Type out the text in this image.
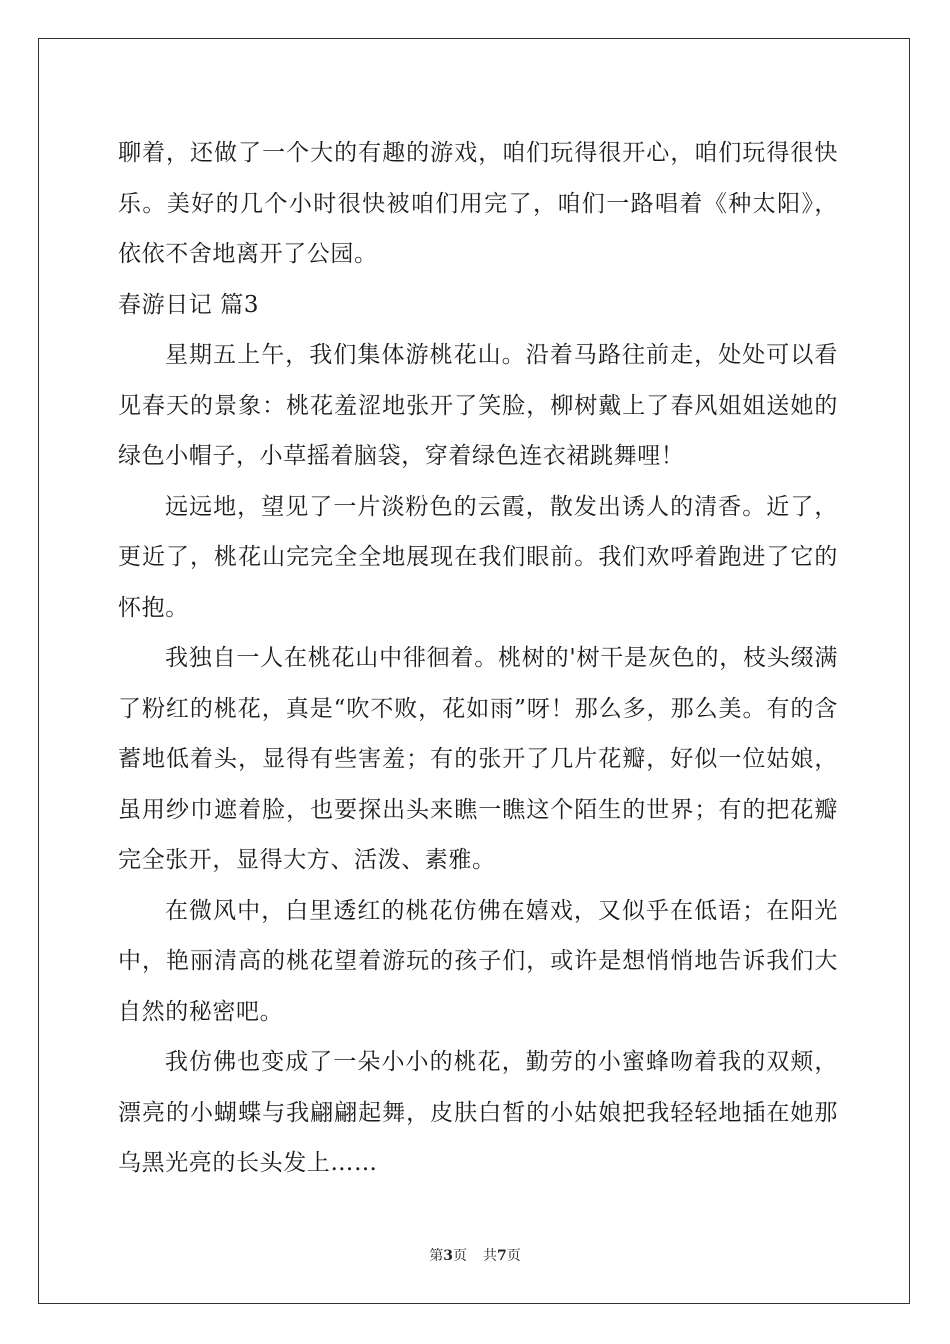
聊着，还做了一个大的有趣的游戏，咱们玩得很开心，咱们玩得很快乐。美好的几个小时很快被咱们用完了，咱们一路唱着《种太阳》，依依不舍地离开了公园。

春游日记 篇3

星期五上午，我们集体游桃花山。沿着马路往前走，处处可以看见春天的景象：桃花羞涩地张开了笑脸，柳树戴上了春风姐姐送她的绿色小帽子，小草摇着脑袋，穿着绿色连衣裙跳舞哩！

远远地，望见了一片淡粉色的云霞，散发出诱人的清香。近了，更近了，桃花山完完全全地展现在我们眼前。我们欢呼着跑进了它的怀抱。

我独自一人在桃花山中徘徊着。桃树的'树干是灰色的，枝头缀满了粉红的桃花，真是“吹不败，花如雨”呀！那么多，那么美。有的含蓄地低着头，显得有些害羞；有的张开了几片花瓣，好似一位姑娘，虽用纱巾遮着脸，也要探出头来瞧一瞧这个陌生的世界；有的把花瓣完全张开，显得大方、活泼、素雅。

在微风中，白里透红的桃花仿佛在嬉戏，又似乎在低语；在阳光中，艳丽清高的桃花望着游玩的孩子们，或许是想悄悄地告诉我们大自然的秘密吧。

我仿佛也变成了一朵小小的桃花，勤劳的小蜜蜂吻着我的双颊，漂亮的小蝴蝶与我翩翩起舞，皮肤白皙的小姑娘把我轻轻地插在她那乌黑光亮的长头发上……

第3页 共7页
